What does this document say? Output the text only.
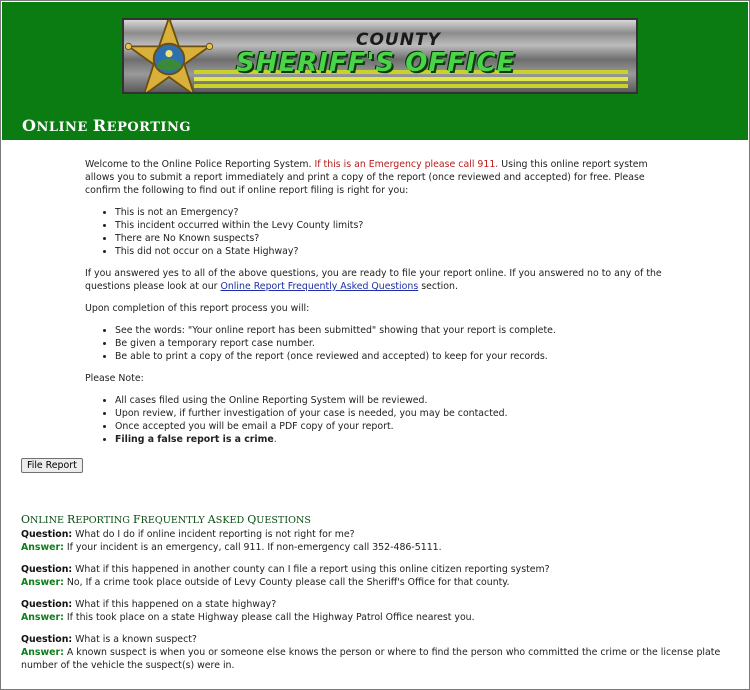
COUNTY
SHERIFF'S OFFICE
ONLINE REPORTING

Welcome to the Online Police Reporting System. If this is an Emergency please call 911. Using this online report system allows you to submit a report immediately and print a copy of the report (once reviewed and accepted) for free. Please confirm the following to find out if online report filing is right for you:

• This is not an Emergency?
• This incident occurred within the Levy County limits?
• There are No Known suspects?
• This did not occur on a State Highway?

If you answered yes to all of the above questions, you are ready to file your report online. If you answered no to any of the questions please look at our Online Report Frequently Asked Questions section.

Upon completion of this report process you will:

• See the words: "Your online report has been submitted" showing that your report is complete.
• Be given a temporary report case number.
• Be able to print a copy of the report (once reviewed and accepted) to keep for your records.

Please Note:

• All cases filed using the Online Reporting System will be reviewed.
• Upon review, if further investigation of your case is needed, you may be contacted.
• Once accepted you will be email a PDF copy of your report.
• Filing a false report is a crime.
File Report
ONLINE REPORTING FREQUENTLY ASKED QUESTIONS
Question: What do I do if online incident reporting is not right for me?
Answer: If your incident is an emergency, call 911. If non-emergency call 352-486-5111.
Question: What if this happened in another county can I file a report using this online citizen reporting system?
Answer: No, If a crime took place outside of Levy County please call the Sheriff's Office for that county.
Question: What if this happened on a state highway?
Answer: If this took place on a state Highway please call the Highway Patrol Office nearest you.
Question: What is a known suspect?
Answer: A known suspect is when you or someone else knows the person or where to find the person who committed the crime or the license plate number of the vehicle the suspect(s) were in.
